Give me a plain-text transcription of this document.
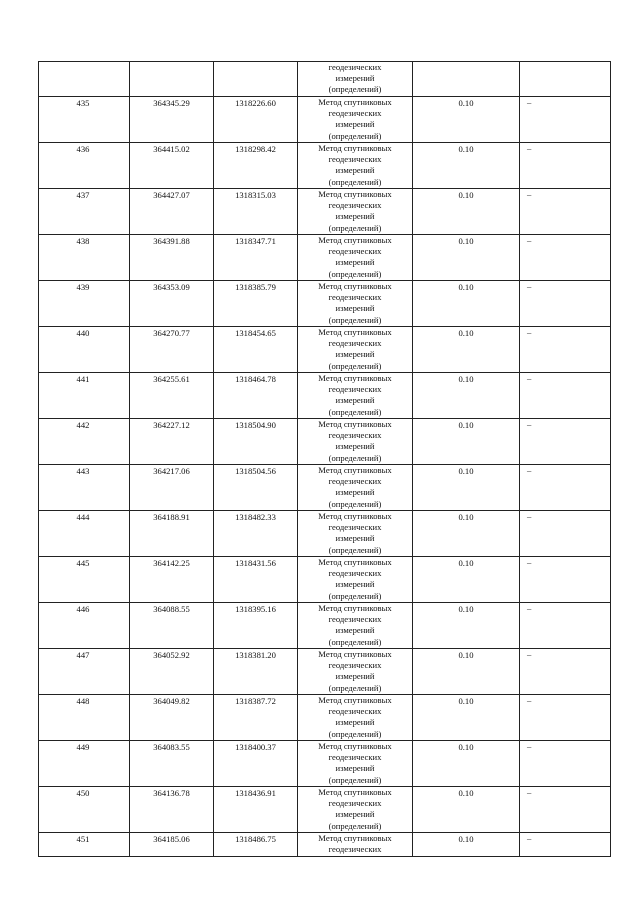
			геодезических
измерений
(определений)		

435	364345.29	1318226.60	Метод спутниковых
геодезических
измерений
(определений)	0.10	–
436	364415.02	1318298.42	Метод спутниковых
геодезических
измерений
(определений)	0.10	–
437	364427.07	1318315.03	Метод спутниковых
геодезических
измерений
(определений)	0.10	–
438	364391.88	1318347.71	Метод спутниковых
геодезических
измерений
(определений)	0.10	–
439	364353.09	1318385.79	Метод спутниковых
геодезических
измерений
(определений)	0.10	–
440	364270.77	1318454.65	Метод спутниковых
геодезических
измерений
(определений)	0.10	–
441	364255.61	1318464.78	Метод спутниковых
геодезических
измерений
(определений)	0.10	–
442	364227.12	1318504.90	Метод спутниковых
геодезических
измерений
(определений)	0.10	–
443	364217.06	1318504.56	Метод спутниковых
геодезических
измерений
(определений)	0.10	–
444	364188.91	1318482.33	Метод спутниковых
геодезических
измерений
(определений)	0.10	–
445	364142.25	1318431.56	Метод спутниковых
геодезических
измерений
(определений)	0.10	–
446	364088.55	1318395.16	Метод спутниковых
геодезических
измерений
(определений)	0.10	–
447	364052.92	1318381.20	Метод спутниковых
геодезических
измерений
(определений)	0.10	–
448	364049.82	1318387.72	Метод спутниковых
геодезических
измерений
(определений)	0.10	–
449	364083.55	1318400.37	Метод спутниковых
геодезических
измерений
(определений)	0.10	–
450	364136.78	1318436.91	Метод спутниковых
геодезических
измерений
(определений)	0.10	–
451	364185.06	1318486.75	Метод спутниковых
геодезических	0.10	–
